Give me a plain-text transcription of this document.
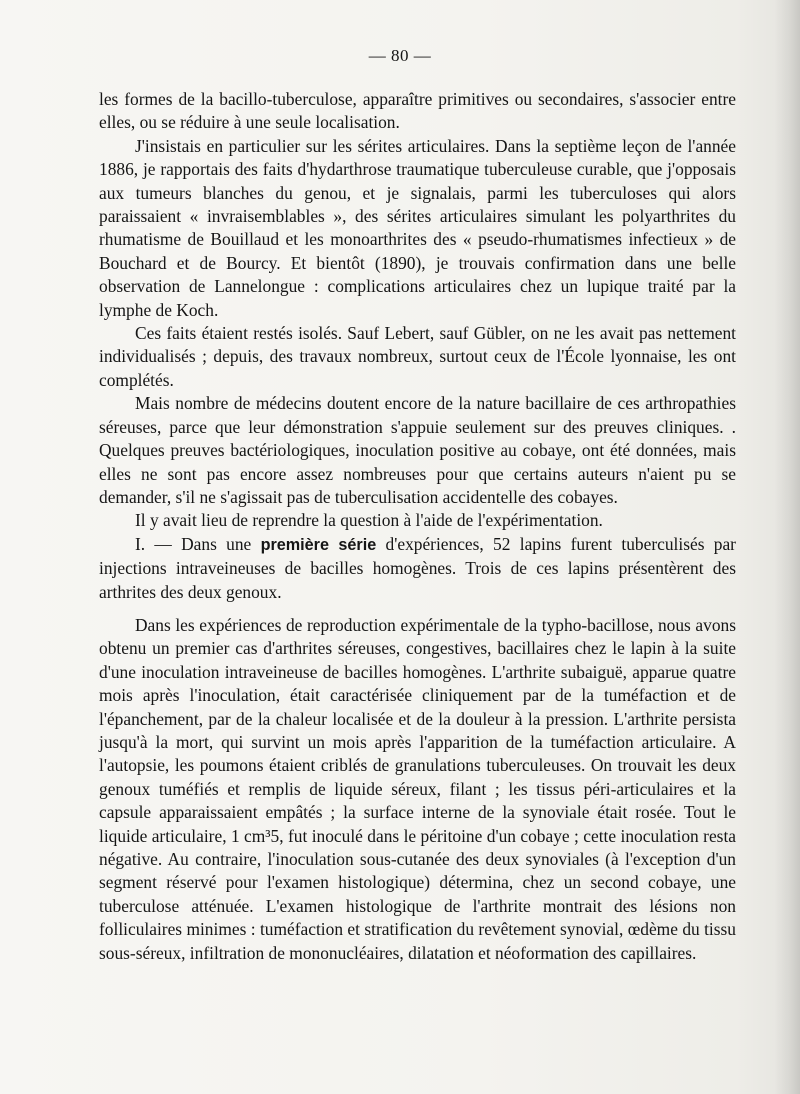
— 80 —

les formes de la bacillo-tuberculose, apparaître primitives ou secondaires, s'associer entre elles, ou se réduire à une seule localisation.

J'insistais en particulier sur les sérites articulaires. Dans la septième leçon de l'année 1886, je rapportais des faits d'hydarthrose traumatique tuberculeuse curable, que j'opposais aux tumeurs blanches du genou, et je signalais, parmi les tuberculoses qui alors paraissaient « invraisemblables », des sérites articulaires simulant les polyarthrites du rhumatisme de Bouillaud et les monoarthrites des « pseudo-rhumatismes infectieux » de Bouchard et de Bourcy. Et bientôt (1890), je trouvais confirmation dans une belle observation de Lannelongue : complications articulaires chez un lupique traité par la lymphe de Koch.

Ces faits étaient restés isolés. Sauf Lebert, sauf Gübler, on ne les avait pas nettement individualisés ; depuis, des travaux nombreux, surtout ceux de l'École lyonnaise, les ont complétés.

Mais nombre de médecins doutent encore de la nature bacillaire de ces arthropathies séreuses, parce que leur démonstration s'appuie seulement sur des preuves cliniques. . Quelques preuves bactériologiques, inoculation positive au cobaye, ont été données, mais elles ne sont pas encore assez nombreuses pour que certains auteurs n'aient pu se demander, s'il ne s'agissait pas de tuberculisation accidentelle des cobayes.

Il y avait lieu de reprendre la question à l'aide de l'expérimentation.

I. — Dans une première série d'expériences, 52 lapins furent tuberculisés par injections intraveineuses de bacilles homogènes. Trois de ces lapins présentèrent des arthrites des deux genoux.

Dans les expériences de reproduction expérimentale de la typho-bacillose, nous avons obtenu un premier cas d'arthrites séreuses, congestives, bacillaires chez le lapin à la suite d'une inoculation intraveineuse de bacilles homogènes. L'arthrite subaiguë, apparue quatre mois après l'inoculation, était caractérisée cliniquement par de la tuméfaction et de l'épanchement, par de la chaleur localisée et de la douleur à la pression. L'arthrite persista jusqu'à la mort, qui survint un mois après l'apparition de la tuméfaction articulaire. A l'autopsie, les poumons étaient criblés de granulations tuberculeuses. On trouvait les deux genoux tuméfiés et remplis de liquide séreux, filant ; les tissus péri-articulaires et la capsule apparaissaient empâtés ; la surface interne de la synoviale était rosée. Tout le liquide articulaire, 1 cm³5, fut inoculé dans le péritoine d'un cobaye ; cette inoculation resta négative. Au contraire, l'inoculation sous-cutanée des deux synoviales (à l'exception d'un segment réservé pour l'examen histologique) détermina, chez un second cobaye, une tuberculose atténuée. L'examen histologique de l'arthrite montrait des lésions non folliculaires minimes : tuméfaction et stratification du revêtement synovial, œdème du tissu sous-séreux, infiltration de mononucléaires, dilatation et néoformation des capillaires.
